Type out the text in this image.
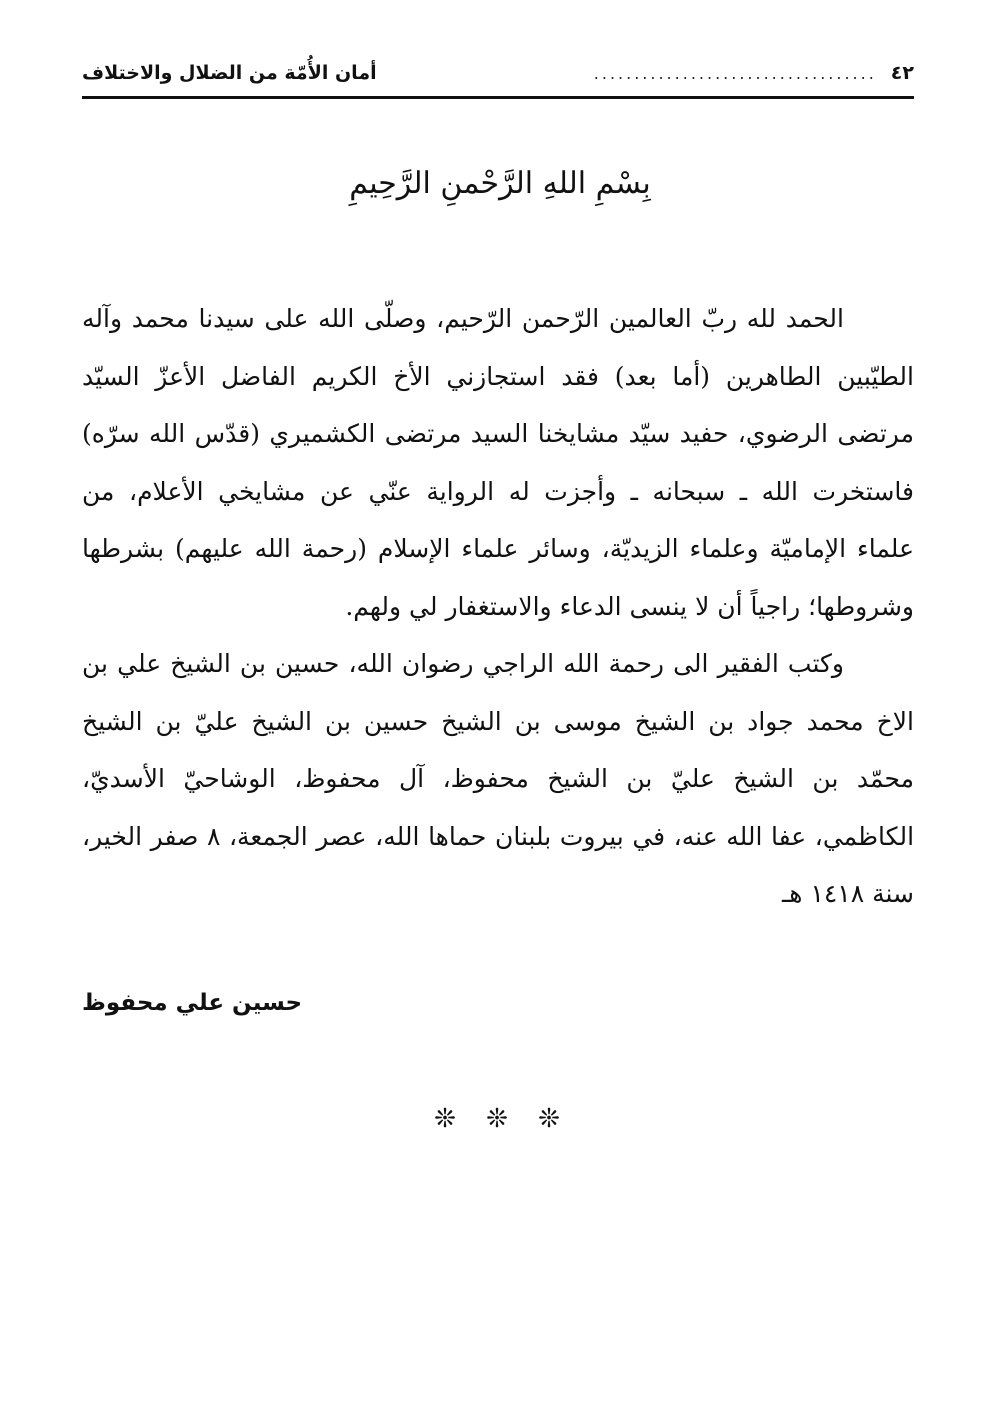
٤٢
...................................
أمان الأُمّة من الضلال والاختلاف
بِسْمِ اللهِ الرَّحْمنِ الرَّحِيمِ
الحمد لله ربّ العالمين الرّحمن الرّحيم، وصلّى الله على سيدنا محمد وآله
الطيّبين الطاهرين (أما بعد) فقد استجازني الأخ الكريم الفاضل الأعزّ السيّد
مرتضى الرضوي، حفيد سيّد مشايخنا السيد مرتضى الكشميري (قدّس الله سرّه)
فاستخرت الله ـ سبحانه ـ وأجزت له الرواية عنّي عن مشايخي الأعلام، من
علماء الإماميّة وعلماء الزيديّة، وسائر علماء الإسلام (رحمة الله عليهم) بشرطها
وشروطها؛ راجياً أن لا ينسى الدعاء والاستغفار لي ولهم.
وكتب الفقير الى رحمة الله الراجي رضوان الله، حسين بن الشيخ علي بن
الاخ محمد جواد بن الشيخ موسى بن الشيخ حسين بن الشيخ عليّ بن الشيخ
محمّد بن الشيخ عليّ بن الشيخ محفوظ، آل محفوظ، الوشاحيّ الأسديّ،
الكاظمي، عفا الله عنه، في بيروت بلبنان حماها الله، عصر الجمعة، ٨ صفر الخير،
سنة ١٤١٨ هـ
حسين علي محفوظ
❊ ❊ ❊
